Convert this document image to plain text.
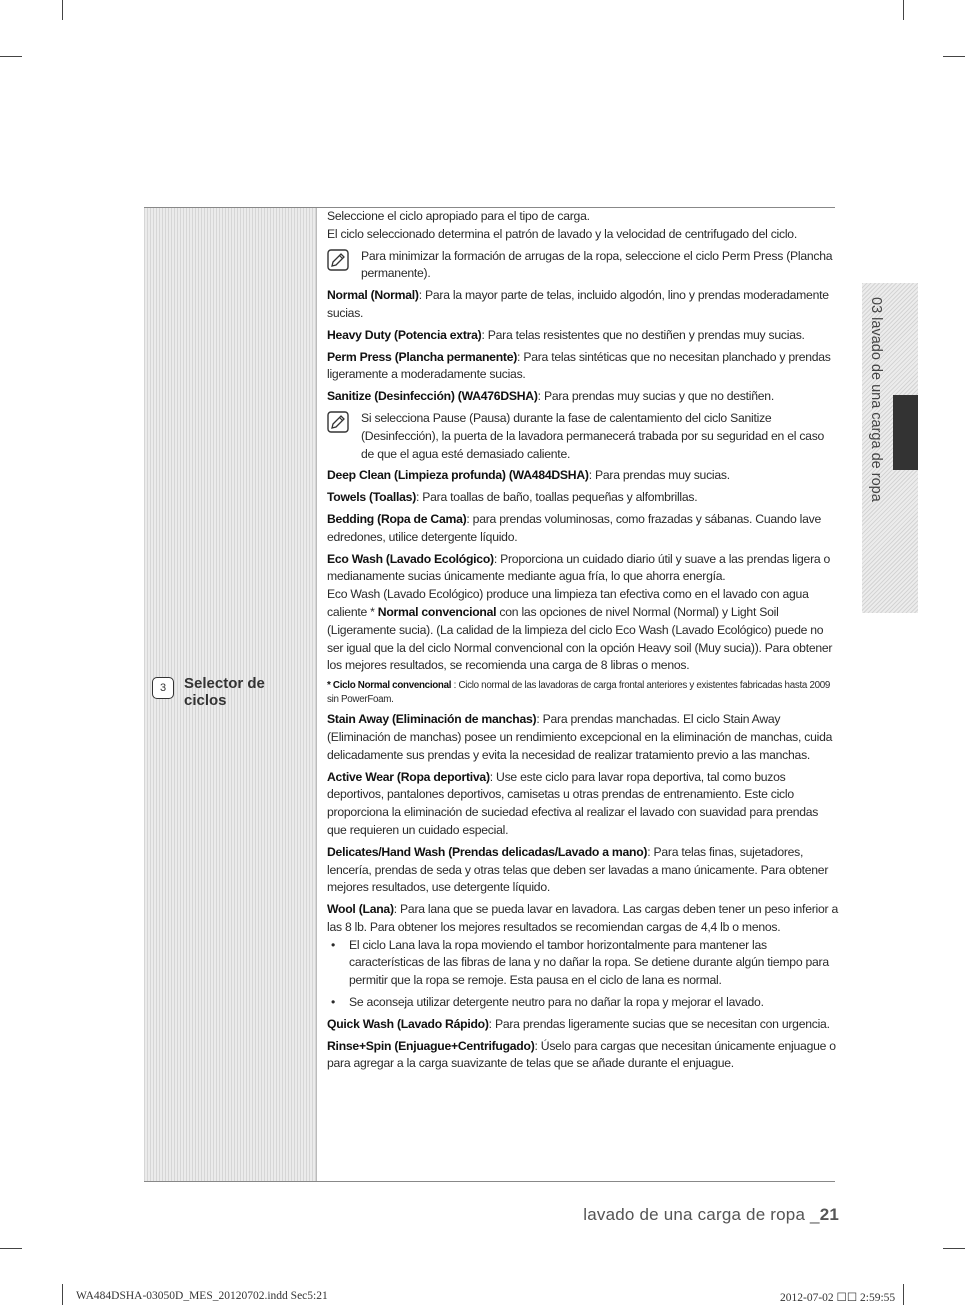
3	Selector de ciclos
03 lavado de una carga de ropa

Seleccione el ciclo apropiado para el tipo de carga.

El ciclo seleccionado determina el patrón de lavado y la velocidad de centrifugado del ciclo.

Para minimizar la formación de arrugas de la ropa, seleccione el ciclo Perm Press (Plancha permanente).

Normal (Normal): Para la mayor parte de telas, incluido algodón, lino y prendas moderadamente sucias.

Heavy Duty (Potencia extra): Para telas resistentes que no destiñen y prendas muy sucias.

Perm Press (Plancha permanente): Para telas sintéticas que no necesitan planchado y prendas ligeramente a moderadamente sucias.

Sanitize (Desinfección) (WA476DSHA): Para prendas muy sucias y que no destiñen.

Si selecciona Pause (Pausa) durante la fase de calentamiento del ciclo Sanitize (Desinfección), la puerta de la lavadora permanecerá trabada por su seguridad en el caso de que el agua esté demasiado caliente.

Deep Clean (Limpieza profunda) (WA484DSHA): Para prendas muy sucias.

Towels (Toallas): Para toallas de baño, toallas pequeñas y alfombrillas.

Bedding (Ropa de Cama): para prendas voluminosas, como frazadas y sábanas. Cuando lave edredones, utilice detergente líquido.

Eco Wash (Lavado Ecológico): Proporciona un cuidado diario útil y suave a las prendas ligera o medianamente sucias únicamente mediante agua fría, lo que ahorra energía.

Eco Wash (Lavado Ecológico) produce una limpieza tan efectiva como en el lavado con agua caliente * Normal convencional con las opciones de nivel Normal (Normal) y Light Soil (Ligeramente sucia). (La calidad de la limpieza del ciclo Eco Wash (Lavado Ecológico) puede no ser igual que la del ciclo Normal convencional con la opción Heavy soil (Muy sucia)). Para obtener los mejores resultados, se recomienda una carga de 8 libras o menos.

* Ciclo Normal convencional : Ciclo normal de las lavadoras de carga frontal anteriores y existentes fabricadas hasta 2009 sin PowerFoam.

Stain Away (Eliminación de manchas): Para prendas manchadas. El ciclo Stain Away (Eliminación de manchas) posee un rendimiento excepcional en la eliminación de manchas, cuida delicadamente sus prendas y evita la necesidad de realizar tratamiento previo a las manchas.

Active Wear (Ropa deportiva): Use este ciclo para lavar ropa deportiva, tal como buzos deportivos, pantalones deportivos, camisetas u otras prendas de entrenamiento. Este ciclo proporciona la eliminación de suciedad efectiva al realizar el lavado con suavidad para prendas que requieren un cuidado especial.

Delicates/Hand Wash (Prendas delicadas/Lavado a mano): Para telas finas, sujetadores, lencería, prendas de seda y otras telas que deben ser lavadas a mano únicamente. Para obtener mejores resultados, use detergente líquido.

Wool (Lana): Para lana que se pueda lavar en lavadora. Las cargas deben tener un peso inferior a las 8 lb. Para obtener los mejores resultados se recomiendan cargas de 4,4 lb o menos.

• El ciclo Lana lava la ropa moviendo el tambor horizontalmente para mantener las características de las fibras de lana y no dañar la ropa. Se detiene durante algún tiempo para permitir que la ropa se remoje. Esta pausa en el ciclo de lana es normal.
• Se aconseja utilizar detergente neutro para no dañar la ropa y mejorar el lavado.

Quick Wash (Lavado Rápido): Para prendas ligeramente sucias que se necesitan con urgencia.

Rinse+Spin (Enjuague+Centrifugado): Úselo para cargas que necesitan únicamente enjuague o para agregar a la carga suavizante de telas que se añade durante el enjuague.

lavado de una carga de ropa _21
WA484DSHA-03050D_MES_20120702.indd Sec5:21	2012-07-02 ☐☐ 2:59:55
